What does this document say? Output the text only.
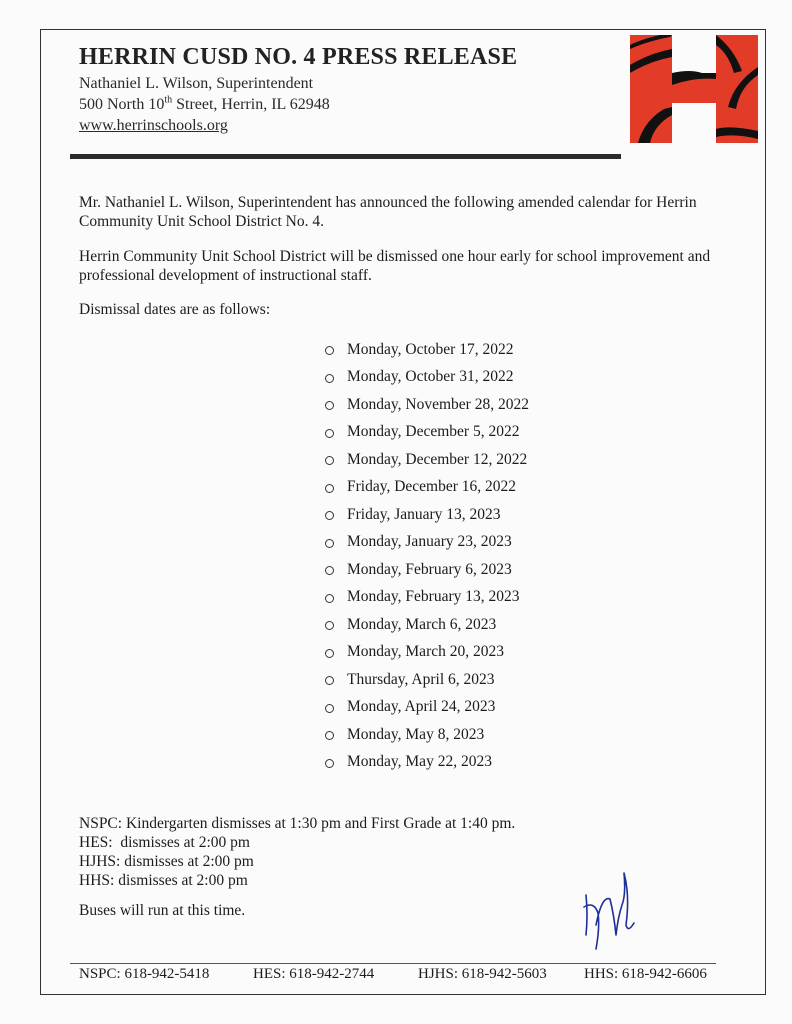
HERRIN CUSD NO. 4 PRESS RELEASE
Nathaniel L. Wilson, Superintendent
500 North 10th Street, Herrin, IL 62948
www.herrinschools.org
Mr. Nathaniel L. Wilson, Superintendent has announced the following amended calendar for Herrin Community Unit School District No. 4.
Herrin Community Unit School District will be dismissed one hour early for school improvement and professional development of instructional staff.
Dismissal dates are as follows:
Monday, October 17, 2022
Monday, October 31, 2022
Monday, November 28, 2022
Monday, December 5, 2022
Monday, December 12, 2022
Friday, December 16, 2022
Friday, January 13, 2023
Monday, January 23, 2023
Monday, February 6, 2023
Monday, February 13, 2023
Monday, March 6, 2023
Monday, March 20, 2023
Thursday, April 6, 2023
Monday, April 24, 2023
Monday, May 8, 2023
Monday, May 22, 2023
NSPC: Kindergarten dismisses at 1:30 pm and First Grade at 1:40 pm.
HES:  dismisses at 2:00 pm
HJHS: dismisses at 2:00 pm
HHS: dismisses at 2:00 pm
Buses will run at this time.
NSPC: 618-942-5418	HES: 618-942-2744	HJHS: 618-942-5603 HHS: 618-942-6606
